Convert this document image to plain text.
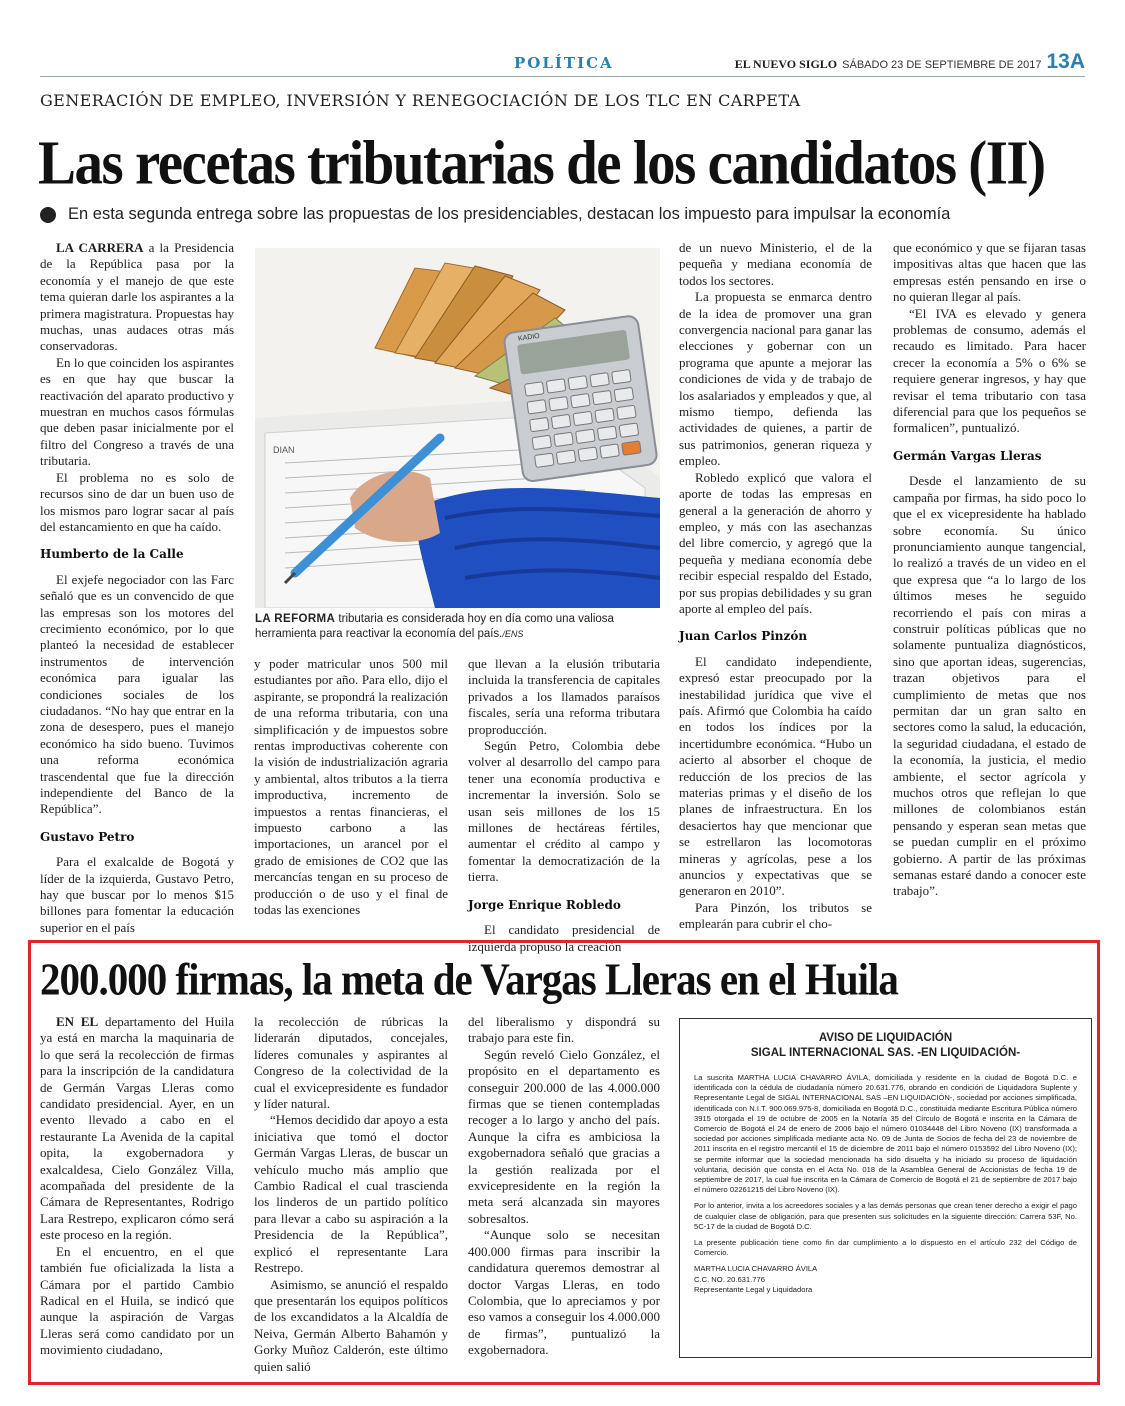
POLÍTICA	EL NUEVO SIGLO SÁBADO 23 DE SEPTIEMBRE DE 2017 13A
GENERACIÓN DE EMPLEO, INVERSIÓN Y RENEGOCIACIÓN DE LOS TLC EN CARPETA
Las recetas tributarias de los candidatos (II)
En esta segunda entrega sobre las propuestas de los presidenciables, destacan los impuesto para impulsar la economía

LA CARRERA a la Presidencia de la República pasa por la economía y el manejo de que este tema quieran darle los aspirantes a la primera magistratura. Propuestas hay muchas, unas audaces otras más conservadoras.

En lo que coinciden los aspirantes es en que hay que buscar la reactivación del aparato productivo y muestran en muchos casos fórmulas que deben pasar inicialmente por el filtro del Congreso a través de una tributaria.

El problema no es solo de recursos sino de dar un buen uso de los mismos paro lograr sacar al país del estancamiento en que ha caído.

Humberto de la Calle

El exjefe negociador con las Farc señaló que es un convencido de que las empresas son los motores del crecimiento económico, por lo que planteó la necesidad de establecer instrumentos de intervención económica para igualar las condiciones sociales de los ciudadanos. “No hay que entrar en la zona de desespero, pues el manejo económico ha sido bueno. Tuvimos una reforma económica trascendental que fue la dirección independiente del Banco de la República”.

Gustavo Petro

Para el exalcalde de Bogotá y líder de la izquierda, Gustavo Petro, hay que buscar por lo menos $15 billones para fomentar la educación superior en el país

DIAN
KADIO
LA REFORMA tributaria es considerada hoy en día como una valiosa herramienta para reactivar la economía del país./ENS

y poder matricular unos 500 mil estudiantes por año. Para ello, dijo el aspirante, se propondrá la realización de una reforma tributaria, con una simplificación y de impuestos sobre rentas improductivas coherente con la visión de industrialización agraria y ambiental, altos tributos a la tierra improductiva, incremento de impuestos a rentas financieras, el impuesto carbono a las importaciones, un arancel por el grado de emisiones de CO2 que las mercancías tengan en su proceso de producción o de uso y el final de todas las exenciones

que llevan a la elusión tributaria incluida la transferencia de capitales privados a los llamados paraísos fiscales, sería una reforma tributara proproducción.

Según Petro, Colombia debe volver al desarrollo del campo para tener una economía productiva e incrementar la inversión. Solo se usan seis millones de los 15 millones de hectáreas fértiles, aumentar el crédito al campo y fomentar la democratización de la tierra.

Jorge Enrique Robledo

El candidato presidencial de izquierda propuso la creación

de un nuevo Ministerio, el de la pequeña y mediana economía de todos los sectores.

La propuesta se enmarca dentro de la idea de promover una gran convergencia nacional para ganar las elecciones y gobernar con un programa que apunte a mejorar las condiciones de vida y de trabajo de los asalariados y empleados y que, al mismo tiempo, defienda las actividades de quienes, a partir de sus patrimonios, generan riqueza y empleo.

Robledo explicó que valora el aporte de todas las empresas en general a la generación de ahorro y empleo, y más con las asechanzas del libre comercio, y agregó que la pequeña y mediana economía debe recibir especial respaldo del Estado, por sus propias debilidades y su gran aporte al empleo del país.

Juan Carlos Pinzón

El candidato independiente, expresó estar preocupado por la inestabilidad jurídica que vive el país. Afirmó que Colombia ha caído en todos los índices por la incertidumbre económica. “Hubo un acierto al absorber el choque de reducción de los precios de las materias primas y el diseño de los planes de infraestructura. En los desaciertos hay que mencionar que se estrellaron las locomotoras mineras y agrícolas, pese a los anuncios y expectativas que se generaron en 2010”.

Para Pinzón, los tributos se emplearán para cubrir el cho-

que económico y que se fijaran tasas impositivas altas que hacen que las empresas estén pensando en irse o no quieran llegar al país.

“El IVA es elevado y genera problemas de consumo, además el recaudo es limitado. Para hacer crecer la economía a 5% o 6% se requiere generar ingresos, y hay que revisar el tema tributario con tasa diferencial para que los pequeños se formalicen”, puntualizó.

Germán Vargas Lleras

Desde el lanzamiento de su campaña por firmas, ha sido poco lo que el ex vicepresidente ha hablado sobre economía. Su único pronunciamiento aunque tangencial, lo realizó a través de un video en el que expresa que “a lo largo de los últimos meses he seguido recorriendo el país con miras a construir políticas públicas que no solamente puntualiza diagnósticos, sino que aportan ideas, sugerencias, trazan objetivos para el cumplimiento de metas que nos permitan dar un gran salto en sectores como la salud, la educación, la seguridad ciudadana, el estado de la economía, la justicia, el medio ambiente, el sector agrícola y muchos otros que reflejan lo que millones de colombianos están pensando y esperan sean metas que se puedan cumplir en el próximo gobierno. A partir de las próximas semanas estaré dando a conocer este trabajo”.

200.000 firmas, la meta de Vargas Lleras en el Huila

EN EL departamento del Huila ya está en marcha la maquinaria de lo que será la recolección de firmas para la inscripción de la candidatura de Germán Vargas Lleras como candidato presidencial. Ayer, en un evento llevado a cabo en el restaurante La Avenida de la capital opita, la exgobernadora y exalcaldesa, Cielo González Villa, acompañada del presidente de la Cámara de Representantes, Rodrigo Lara Restrepo, explicaron cómo será este proceso en la región.

En el encuentro, en el que también fue oficializada la lista a Cámara por el partido Cambio Radical en el Huila, se indicó que aunque la aspiración de Vargas Lleras será como candidato por un movimiento ciudadano,

la recolección de rúbricas la liderarán diputados, concejales, líderes comunales y aspirantes al Congreso de la colectividad de la cual el exvicepresidente es fundador y líder natural.

“Hemos decidido dar apoyo a esta iniciativa que tomó el doctor Germán Vargas Lleras, de buscar un vehículo mucho más amplio que Cambio Radical el cual trascienda los linderos de un partido político para llevar a cabo su aspiración a la Presidencia de la República”, explicó el representante Lara Restrepo.

Asimismo, se anunció el respaldo que presentarán los equipos políticos de los excandidatos a la Alcaldía de Neiva, Germán Alberto Bahamón y Gorky Muñoz Calderón, este último quien salió

del liberalismo y dispondrá su trabajo para este fin.

Según reveló Cielo González, el propósito en el departamento es conseguir 200.000 de las 4.000.000 firmas que se tienen contempladas recoger a lo largo y ancho del país. Aunque la cifra es ambiciosa la exgobernadora señaló que gracias a la gestión realizada por el exvicepresidente en la región la meta será alcanzada sin mayores sobresaltos.

“Aunque solo se necesitan 400.000 firmas para inscribir la candidatura queremos demostrar al doctor Vargas Lleras, en todo Colombia, que lo apreciamos y por eso vamos a conseguir los 4.000.000 de firmas”, puntualizó la exgobernadora.

AVISO DE LIQUIDACIÓN
SIGAL INTERNACIONAL SAS. -EN LIQUIDACIÓN-

La suscrita MARTHA LUCIA CHAVARRO ÁVILA, domiciliada y residente en la ciudad de Bogotá D.C. e identificada con la cédula de ciudadanía número 20.631.776, obrando en condición de Liquidadora Suplente y Representante Legal de SIGAL INTERNACIONAL SAS –EN LIQUIDACIÓN-, sociedad por acciones simplificada, identificada con N.I.T. 900.069.975-8, domiciliada en Bogotá D.C., constituida mediante Escritura Pública número 3915 otorgada el 19 de octubre de 2005 en la Notaría 35 del Círculo de Bogotá e inscrita en la Cámara de Comercio de Bogotá el 24 de enero de 2006 bajo el número 01034448 del Libro Noveno (IX) transformada a sociedad por acciones simplificada mediante acta No. 09 de Junta de Socios de fecha del 23 de noviembre de 2011 inscrita en el registro mercantil el 15 de diciembre de 2011 bajo el número 0153592 del Libro Noveno (IX); se permite informar que la sociedad mencionada ha sido disuelta y ha iniciado su proceso de liquidación voluntaria, decisión que consta en el Acta No. 018 de la Asamblea General de Accionistas de fecha 19 de septiembre de 2017, la cual fue inscrita en la Cámara de Comercio de Bogotá el 21 de septiembre de 2017 bajo el número 02261215 del Libro Noveno (IX).

Por lo anterior, invita a los acreedores sociales y a las demás personas que crean tener derecho a exigir el pago de cualquier clase de obligación, para que presenten sus solicitudes en la siguiente dirección: Carrera 53F, No. 5C-17 de la ciudad de Bogotá D.C.

La presente publicación tiene como fin dar cumplimiento a lo dispuesto en el artículo 232 del Código de Comercio.

MARTHA LUCIA CHAVARRO ÁVILA
C.C. NO. 20.631.776
Representante Legal y Liquidadora
